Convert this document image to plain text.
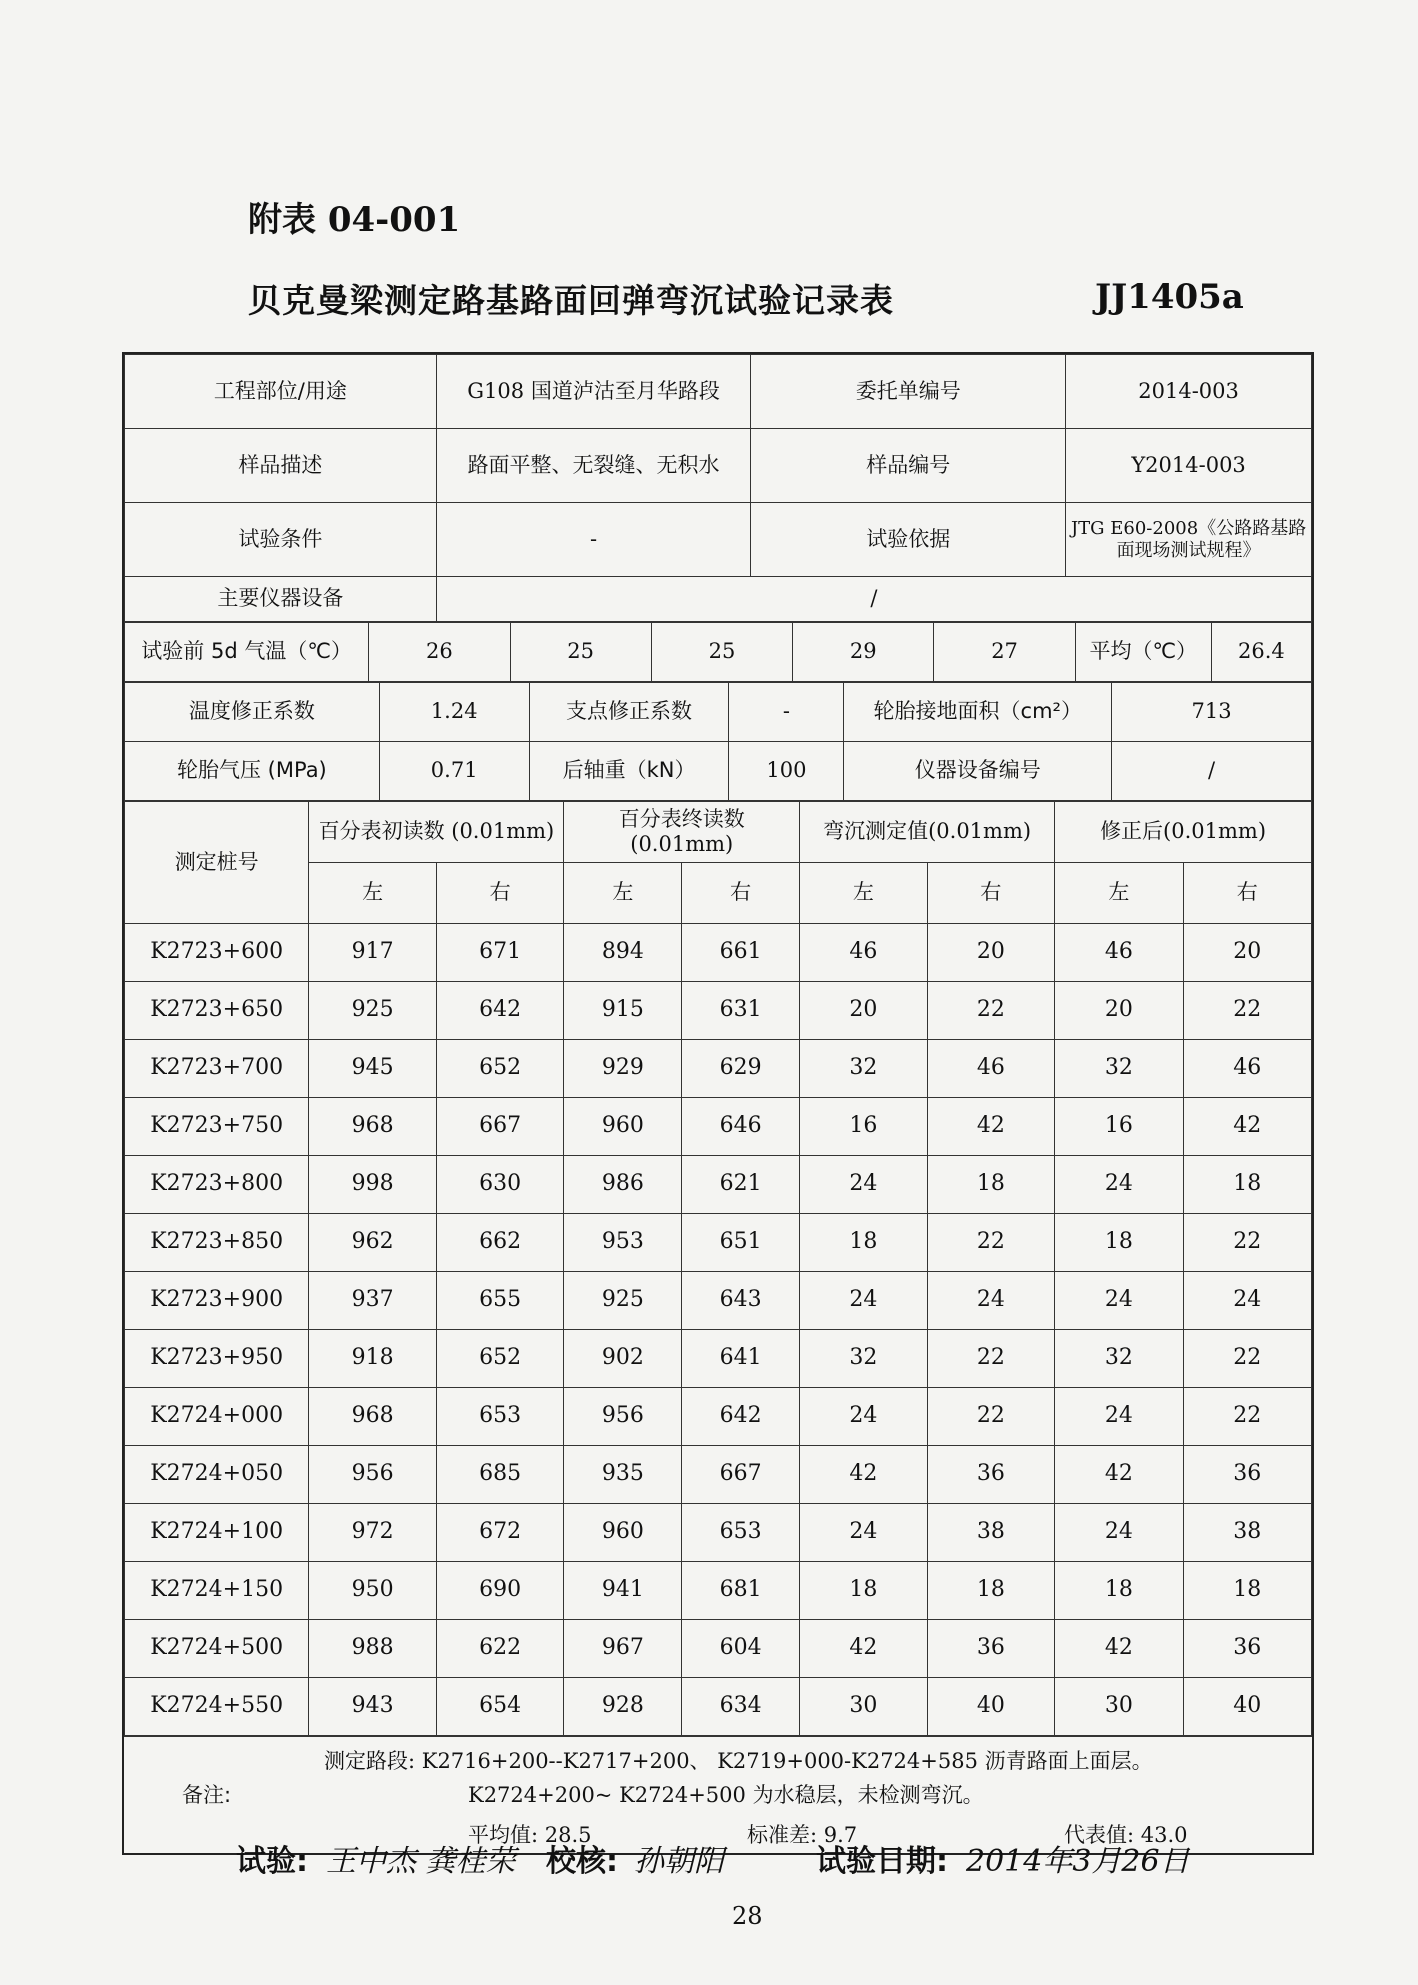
附表 04-001
贝克曼梁测定路基路面回弹弯沉试验记录表	JJ1405a
工程部位/用途	G108 国道泸沽至月华路段	委托单编号	2014-003
样品描述	路面平整、无裂缝、无积水	样品编号	Y2014-003
试验条件	-	试验依据	JTG E60-2008《公路路基路面现场测试规程》
主要仪器设备	/		
试验前 5d 气温（℃）	26	25	25	29	27	平均（℃）	26.4
温度修正系数	1.24	支点修正系数	-	轮胎接地面积（cm²）	713
轮胎气压 (MPa)	0.71	后轴重（kN）	100	仪器设备编号	/
测定桩号	百分表初读数 (0.01mm)		百分表终读数 (0.01mm)		弯沉测定值(0.01mm)		修正后(0.01mm)	
	左	右	左	右	左	右	左	右
K2723+600	917	671	894	661	46	20	46	20
K2723+650	925	642	915	631	20	22	20	22
K2723+700	945	652	929	629	32	46	32	46
K2723+750	968	667	960	646	16	42	16	42
K2723+800	998	630	986	621	24	18	24	18
K2723+850	962	662	953	651	18	22	18	22
K2723+900	937	655	925	643	24	24	24	24
K2723+950	918	652	902	641	32	22	32	22
K2724+000	968	653	956	642	24	22	24	22
K2724+050	956	685	935	667	42	36	42	36
K2724+100	972	672	960	653	24	38	24	38
K2724+150	950	690	941	681	18	18	18	18
K2724+500	988	622	967	604	42	36	42	36
K2724+550	943	654	928	634	30	40	30	40
备注:
测定路段: K2716+200--K2717+200、 K2719+000-K2724+585 沥青路面上面层。
K2724+200~ K2724+500 为水稳层，未检测弯沉。
平均值: 28.5	标准差: 9.7	代表值: 43.0
试验: 王中杰 龚桂荣 校核: 孙朝阳	试验日期: 2014年3月26日
28
